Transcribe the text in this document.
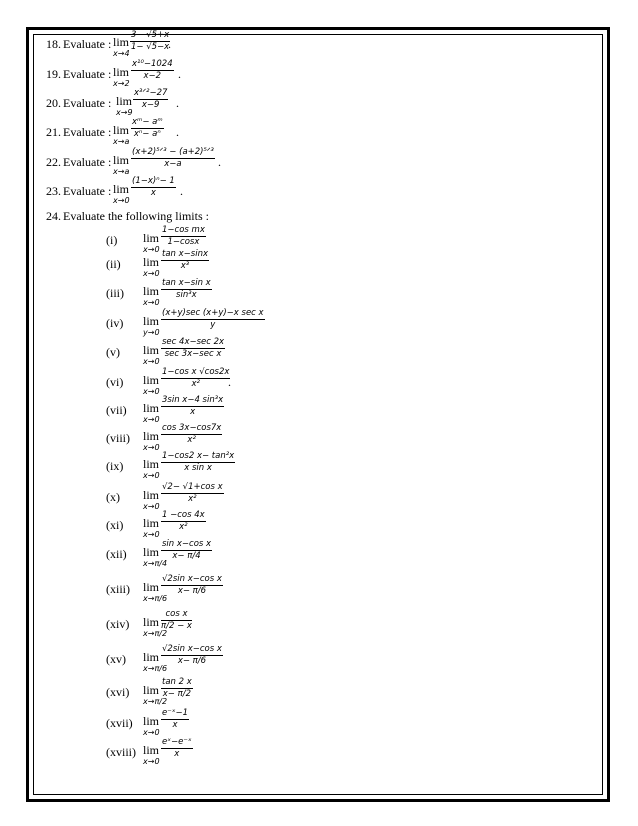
18. Evaluate : lim
x→4
$\frac{3- √5+x}{1- √5-x}$
.
19. Evaluate : lim
x→2
$\frac{\text{x¹⁰−1024}}{x-2}$ .
20. Evaluate : lim
x→9
x³ᐟ²−27
x−9	.
21. Evaluate : lim
x→a
$\frac{\text{xᵐ− aᵐ}}{\text{xⁿ− aⁿ}}$ .
22. Evaluate : lim
x→a
(x+2)⁵ᐟ³ − (a+2)⁵ᐟ³
x−a	.
23. Evaluate : lim
x→0
$\frac{\text{(1−x)ⁿ− 1}}{x}$ .
24. Evaluate the following limits :
(i) lim
x→0
$\frac{\text{1−cos mx}}{1-\cos x}$
(ii) lim
x→0
$\frac{\text{tan x−sinx}}{\text{x³}}$
(iii) lim
x→0
$\frac{\text{tan x−sin x}}{\text{sin³x}}$
(iv) lim
y→0
(x+y)sec (x+y)−x sec x
y
(v) lim
x→0
sec 4x−sec 2x
sec 3x−sec x
(vi) lim
x→0
$\frac{\text{1−cos x √cos2x}}{\text{x²}}$
.
(vii) lim
x→0
$\frac{\text{3sin x−4 sin³x}}{x}$
(viii) lim
x→0
$\frac{\cos 3x-\cos 7x}{\text{x²}}$
(ix) lim
x→0
$\frac{\text{1−cos2 x− tan²x}}{\text{x sin x}}$
(x) lim
x→0
$\frac{\text{√2− √1+cos x}}{\text{x²}}$
(xi) lim
x→0
$\frac{1 -\cos 4x}{\text{x²}}$
(xii) lim
x→π/4
$\frac{\text{sin x−cos x}}{x- \pi/4}$
(xiii) lim
x→π/6
$\frac{\text{√2sin x−cos x}}{x- \pi/6}$
(xiv) lim
x→π/2
$\frac{\text{cos x}}{\pi/2 - x}$
(xv) lim
x→π/6
$\frac{\text{√2sin x−cos x}}{x- \pi/6}$
(xvi) lim
x→π/2
$\frac{\tan 2 x}{x- \pi/2}$
(xvii) lim
x→0
$\frac{\text{e⁻ˣ−1}}{x}$
(xviii) lim
x→0
$\frac{\text{eˣ−e⁻ˣ}}{x}$
